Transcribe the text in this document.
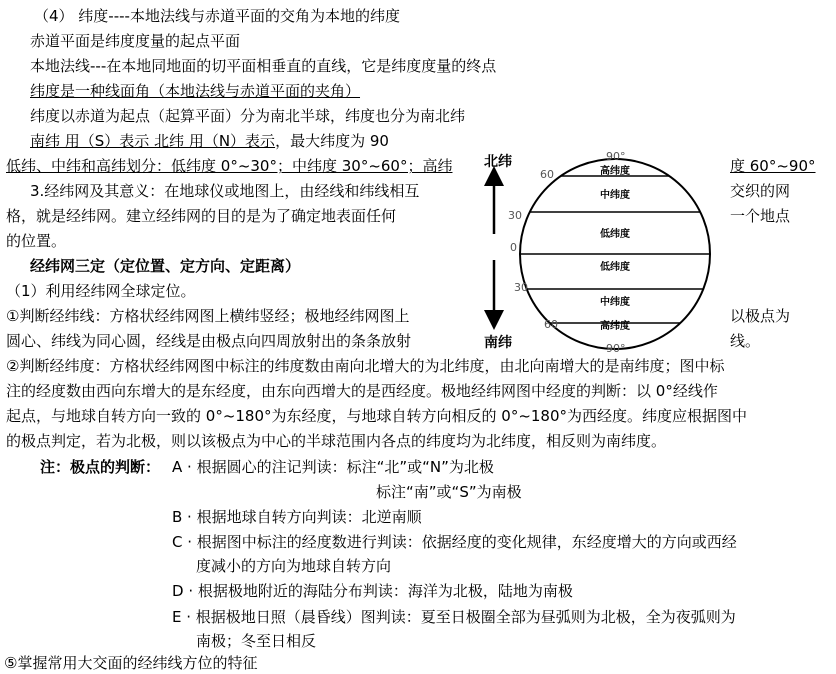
（4） 纬度----本地法线与赤道平面的交角为本地的纬度
赤道平面是纬度度量的起点平面
本地法线---在本地同地面的切平面相垂直的直线，它是纬度度量的终点
纬度是一种线面角（本地法线与赤道平面的夹角）
纬度以赤道为起点（起算平面）分为南北半球，纬度也分为南北纬
南纬 用（S）表示 北纬 用（N）表示，最大纬度为 90
低纬、中纬和高纬划分：低纬度 0°~30°；中纬度 30°~60°；高纬	度 60°~90°
3.经纬网及其意义：在地球仪或地图上，由经线和纬线相互	交织的网
格，就是经纬网。建立经纬网的目的是为了确定地表面任何	一个地点
的位置。
经纬网三定（定位置、定方向、定距离）
（1）利用经纬网全球定位。
①判断经纬线：方格状经纬网图上横纬竖经；极地经纬网图上	以极点为
圆心、纬线为同心圆，经线是由极点向四周放射出的条条放射	线。
②判断经纬度：方格状经纬网图中标注的纬度数由南向北增大的为北纬度，由北向南增大的是南纬度；图中标
注的经度数由西向东增大的是东经度，由东向西增大的是西经度。极地经纬网图中经度的判断：以 0°经线作
起点，与地球自转方向一致的 0°~180°为东经度，与地球自转方向相反的 0°~180°为西经度。纬度应根据图中
的极点判定，若为北极，则以该极点为中心的半球范围内各点的纬度均为北纬度，相反则为南纬度。
注：极点的判断： A · 根据圆心的注记判读：标注“北”或“N”为北极
标注“南”或“S”为南极
B · 根据地球自转方向判读：北逆南顺
C · 根据图中标注的经度数进行判读：依据经度的变化规律，东经度增大的方向或西经
度减小的方向为地球自转方向
D · 根据极地附近的海陆分布判读：海洋为北极，陆地为南极
E · 根据极地日照（晨昏线）图判读：夏至日极圈全部为昼弧则为北极，全为夜弧则为
南极；冬至日相反
⑤掌握常用大交面的经纬线方位的特征
北纬
南纬
高纬度
中纬度
低纬度
低纬度
中纬度
高纬度
90°
60
30
0
30
60
90°
